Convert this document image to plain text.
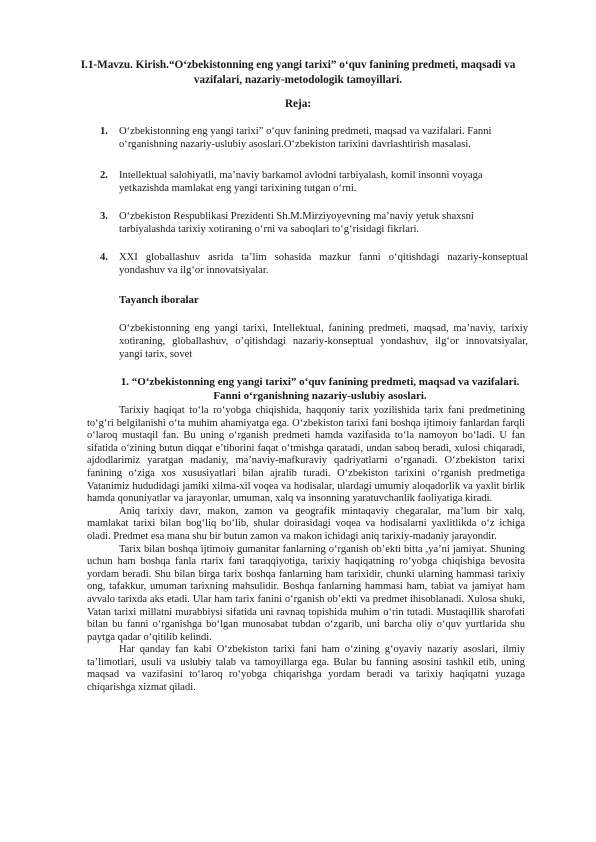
I.1-Mavzu. Kirish.“O‘zbekistonning eng yangi tarixi” o‘quv fanining predmeti, maqsadi va vazifalari, nazariy-metodologik tamoyillari.
Reja:
1.	O‘zbekistonning eng yangi tarixi” o‘quv fanining predmeti, maqsad va vazifalari. Fanni o‘rganishning nazariy-uslubiy asoslari.O‘zbekiston tarixini davrlashtirish masalasi.
2.	Intellektual salohiyatli, ma’naviy barkamol avlodni tarbiyalash, komil insonni voyaga yetkazishda mamlakat eng yangi tarixining tutgan o‘rni.
3.	O‘zbekiston Respublikasi Prezidenti Sh.M.Mirziyoyevning ma’naviy yetuk shaxsni tarbiyalashda tarixiy xotiraning o‘rni va saboqlari to‘g‘risidagi fikrlari.
4.	XXI globallashuv asrida ta’lim sohasida mazkur fanni o‘qitishdagi nazariy-konseptual yondashuv va ilg‘or innovatsiyalar.
Tayanch iboralar
O‘zbekistonning eng yangi tarixi, Intellektual, fanining predmeti, maqsad, ma’naviy, tarixiy xotiraning, globallashuv, o’qitishdagi nazariy-konseptual yondashuv, ilg‘or innovatsiyalar, yangi tarix, sovet
1. “O‘zbekistonning eng yangi tarixi” o‘quv fanining predmeti, maqsad va vazifalari. Fanni o‘rganishning nazariy-uslubiy asoslari.

Tarixiy haqiqat to‘la ro‘yobga chiqishida, haqqoniy tarix yozilishida tarix fani predmetining to‘g‘ri belgilanishi o‘ta muhim ahamiyatga ega. O‘zbekiston tarixi fani boshqa ijtimoiy fanlardan farqli o‘laroq mustaqil fan. Bu uning o‘rganish predmeti hamda vazifasida to‘la namoyon bo‘ladi. U fan sifatida o‘zining butun diqqat e’tiborini faqat o‘tmishga qaratadi, undan saboq beradi, xulosi chiqaradi, ajdodlarimiz yaratgan madaniy, ma’naviy-mafkuraviy qadriyatlarni o‘rganadi. O‘zbekiston tarixi fanining o‘ziga xos xususiyatlari bilan ajralib turadi. O‘zbekiston tarixini o‘rganish predmetiga Vatanimiz hududidagi jamiki xilma-xil voqea va hodisalar, ulardagi umumiy aloqadorlik va yaxlit birlik hamda qonuniyatlar va jarayonlar, umuman, xalq va insonning yaratuvchanlik faoliyatiga kiradi.

Aniq tarixiy davr, makon, zamon va geografik mintaqaviy chegaralar, ma’lum bir xalq, mamlakat tarixi bilan bog‘liq bo‘lib, shular doirasidagi voqea va hodisalarni yaxlitlikda o‘z ichiga oladi. Predmet esa mana shu bir butun zamon va makon ichidagi aniq tarixiy-madaniy jarayondir.

Tarix bilan boshqa ijtimoiy gumanitar fanlarning o‘rganish ob’ekti bitta ,ya’ni jamiyat. Shuning uchun ham boshqa fanla rtarix fani taraqqiyotiga, tarixiy haqiqatning ro‘yobga chiqishiga bevosita yordam beradi. Shu bilan birga tarix boshqa fanlarning ham tarixidir, chunki ularning hammasi tarixiy ong, tafakkur, umuman tarixning mahsulidir. Boshqa fanlarning hammasi ham, tabiat va jamiyat ham avvalo tarixda aks etadi. Ular ham tarix fanini o‘rganish ob’ekti va predmet ihisoblanadi. Xulosa shuki, Vatan tarixi millatni murabbiysi sifatida uni ravnaq topishida muhim o‘rin tutadi. Mustaqillik sharofati bilan bu fanni o‘rganishga bo‘lgan munosabat tubdan o‘zgarib, uni barcha oliy o‘quv yurtlarida shu paytga qadar o‘qitilib kelindi.

Har qanday fan kabi O‘zbekiston tarixi fani ham o‘zining g‘oyaviy nazariy asoslari, ilmiy ta’limotlari, usuli va uslubiy talab va tamoyillarga ega. Bular bu fanning asosini tashkil etib, uning maqsad va vazifasini to‘laroq ro‘yobga chiqarishga yordam beradi va tarixiy haqiqatni yuzaga chiqarishga xizmat qiladi.
